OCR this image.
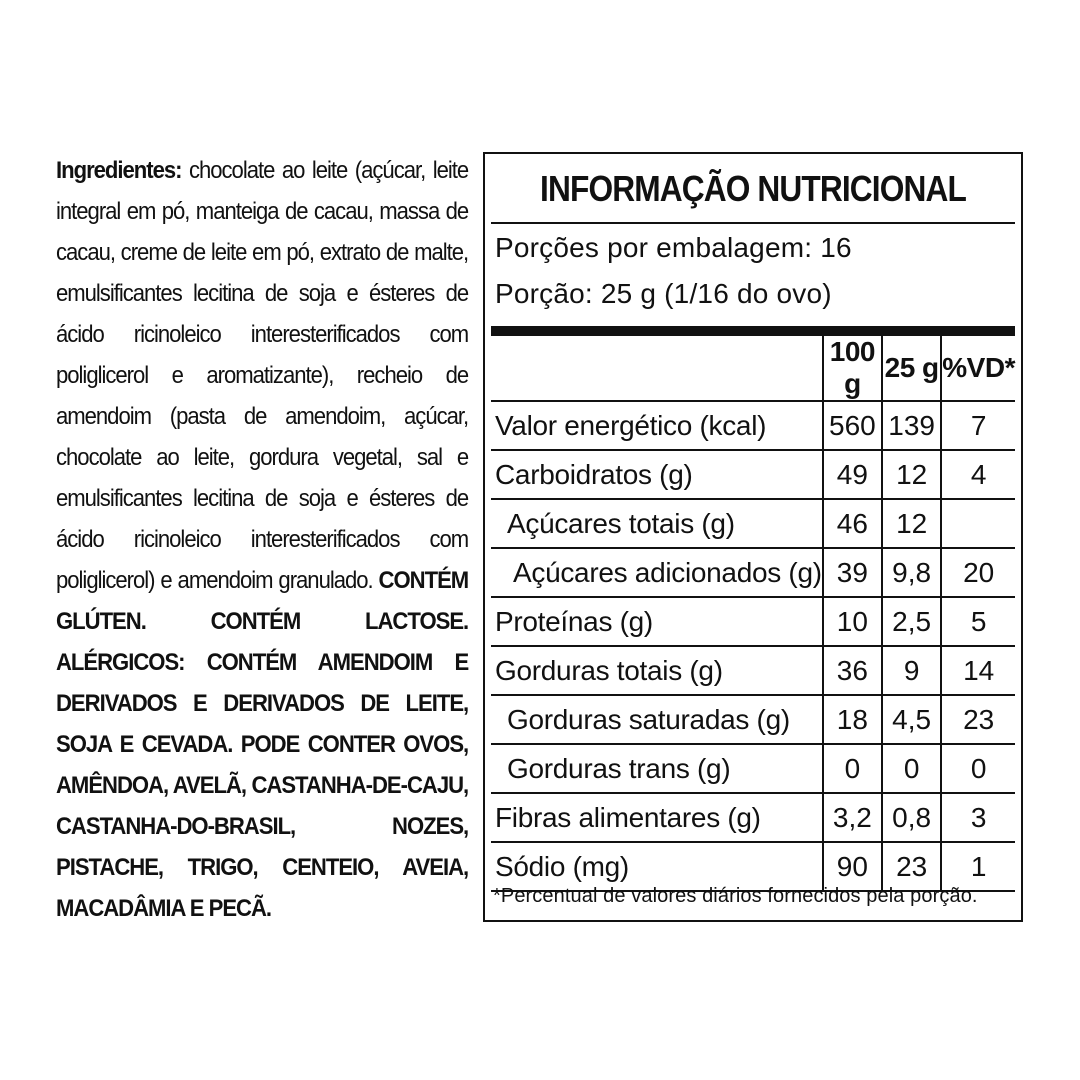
Ingredientes: chocolate ao leite (açúcar, leite integral em pó, manteiga de cacau, massa de cacau, creme de leite em pó, extrato de malte, emulsificantes lecitina de soja e ésteres de ácido ricinoleico interesterificados com poliglicerol e aromatizante), recheio de amendoim (pasta de amendoim, açúcar, chocolate ao leite, gordura vegetal, sal e emulsificantes lecitina de soja e ésteres de ácido ricinoleico interesterificados com poliglicerol) e amendoim granulado. CONTÉM GLÚTEN. CONTÉM LACTOSE. ALÉRGICOS: CONTÉM AMENDOIM E DERIVADOS E DERIVADOS DE LEITE, SOJA E CEVADA. PODE CONTER OVOS, AMÊNDOA, AVELÃ, CASTANHA-DE-CAJU, CASTANHA-DO-BRASIL, NOZES, PISTACHE, TRIGO, CENTEIO, AVEIA, MACADÂMIA E PECÃ.
INFORMAÇÃO NUTRICIONAL
Porções por embalagem: 16
Porção: 25 g (1/16 do ovo)
	100 g	25 g	%VD*
Valor energético (kcal)	560	139	7
Carboidratos (g)	49	12	4
Açúcares totais (g)	46	12	
Açúcares adicionados (g)	39	9,8	20
Proteínas (g)	10	2,5	5
Gorduras totais (g)	36	9	14
Gorduras saturadas (g)	18	4,5	23
Gorduras trans (g)	0	0	0
Fibras alimentares (g)	3,2	0,8	3
Sódio (mg)	90	23	1
*Percentual de valores diários fornecidos pela porção.
